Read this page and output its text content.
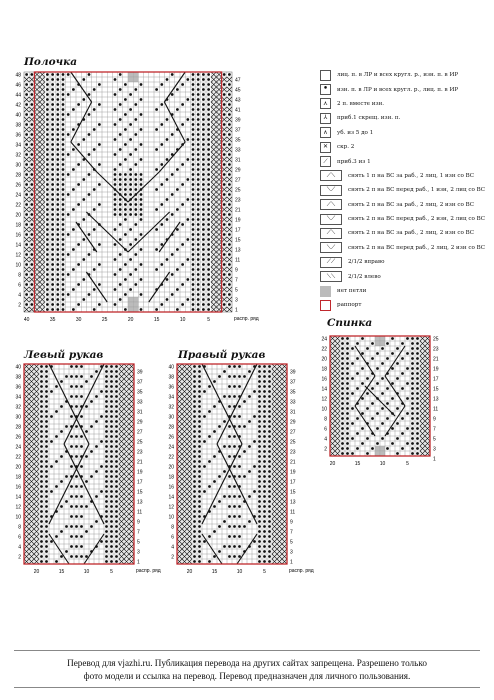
Полочка
Спинка
Левый рукав	Правый рукав
48
46
44
42
40
38
36
34
32
30
28
26
24
22
20
18
16
14
12
10
8
6
4
2
47
45
43
41
39
37
35
33
31
29
27
25
23
21
19
17
15
13
11
9
7
5
3
1
40	35	30	25	20	15	10	5	распр. ряд
24
22
20
18
16
14
12
10
8
6
4
2
25
23
21
19
17
15
13
11
9
7
5
3
1
20	15	10	5
40
38
36
34
32
30
28
26
24
22
20
18
16
14
12
10
8
6
4
2
39
37
35
33
31
29
27
25
23
21
19
17
15
13
11
9
7
5
3
1
20	15	10	5	распр. ряд
40
38
36
34
32
30
28
26
24
22
20
18
16
14
12
10
8
6
4
2
39
37
35
33
31
29
27
25
23
21
19
17
15
13
11
9
7
5
3
1
20	15	10	5	распр. ряд
лиц. п. в ЛР и всех кругл. р., изн. п. в ИР
•	изн. п. в ЛР и всех кругл. р., лиц. п. в ИР
⋏	2 п. вместе изн.
⅄	приб.1 скрещ. изн. п.
∧	уб. из 5 до 1
✕	скр. 2
⟋	приб.3 из 1
⟋⟍	снять 1 п на ВС за раб., 2 лиц, 1 изн со ВС
⟍⟋	снять 2 п на ВС перед раб., 1 изн, 2 лиц со ВС
⟋⟍	снять 2 п на ВС за раб., 2 лиц, 2 изн со ВС
⟍⟋	снять 2 п на ВС перед раб., 2 изн, 2 лиц со ВС
⟋⟍	снять 2 п на ВС за раб., 2 лиц, 2 изн со ВС
⟍⟋	снять 2 п на ВС перед раб., 2 лиц, 2 изн со ВС
⟋⟋	2/1/2 вправо
⟍⟍	2/1/2 влево
нет петли
раппорт
Перевод для vjazhi.ru. Публикация перевода на других сайтах запрещена. Разрешено только
фото модели и ссылка на перевод. Перевод предназначен для личного пользования.
